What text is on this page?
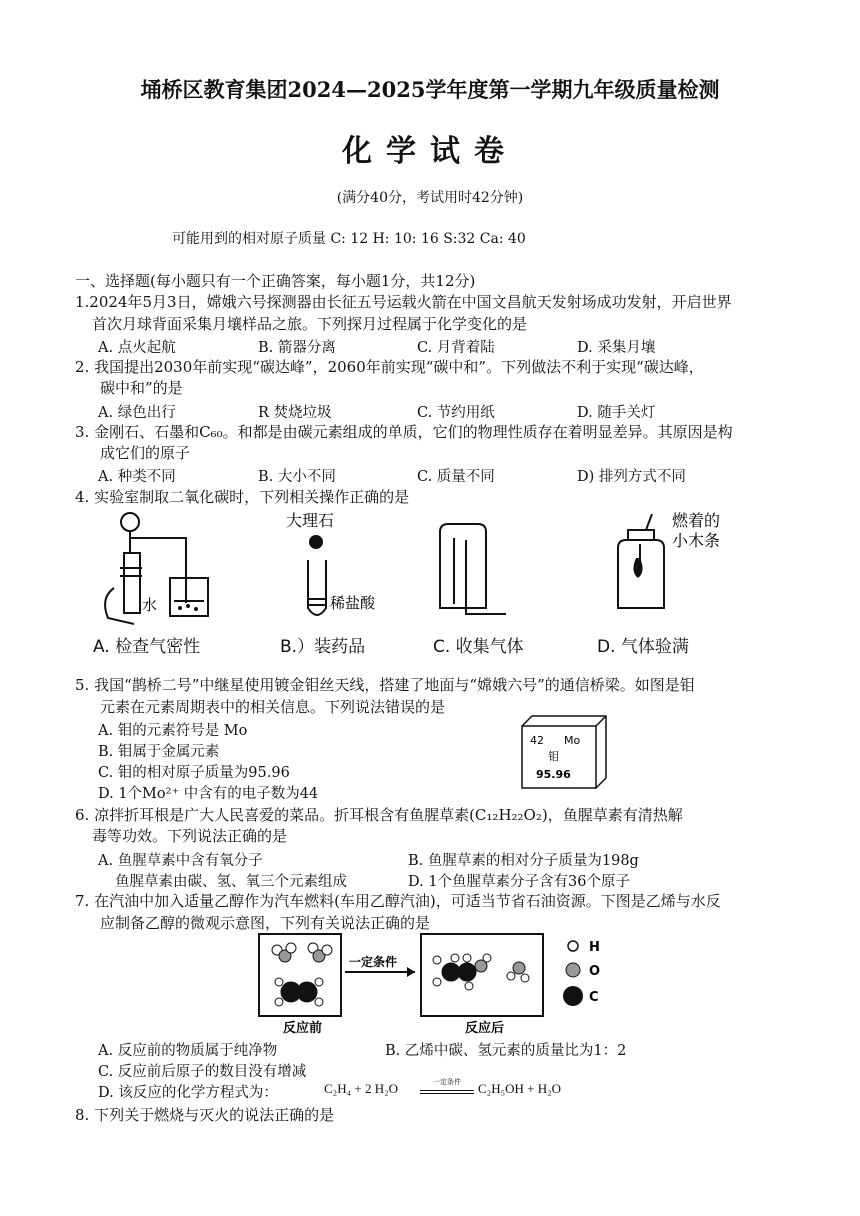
埇桥区教育集团2024—2025学年度第一学期九年级质量检测
化学试卷
(满分40分，考试用时42分钟)
可能用到的相对原子质量 C: 12 H: 10: 16 S:32 Ca: 40
一、选择题(每小题只有一个正确答案，每小题1分，共12分)
1.2024年5月3日，嫦娥六号探测器由长征五号运载火箭在中国文昌航天发射场成功发射，开启世界
首次月球背面采集月壤样品之旅。下列探月过程属于化学变化的是
A. 点火起航	B. 箭器分离	C. 月背着陆	D. 采集月壤
2. 我国提出2030年前实现“碳达峰”，2060年前实现“碳中和”。下列做法不利于实现“碳达峰，
碳中和”的是
A. 绿色出行	R 焚烧垃圾	C. 节约用纸	D. 随手关灯
3. 金刚石、石墨和C₆₀。和都是由碳元素组成的单质，它们的物理性质存在着明显差异。其原因是构
成它们的原子
A. 种类不同	B. 大小不同	C. 质量不同	D) 排列方式不同
4. 实验室制取二氧化碳时，下列相关操作正确的是
水
大理石
稀盐酸
燃着的
小木条
A. 检查气密性	B.）装药品	C. 收集气体	D. 气体验满
5. 我国“鹊桥二号”中继星使用镀金钼丝天线，搭建了地面与“嫦娥六号”的通信桥梁。如图是钼
元素在元素周期表中的相关信息。下列说法错误的是
A. 钼的元素符号是 Mo
B. 钼属于金属元素
C. 钼的相对原子质量为95.96
D. 1个Mo²⁺ 中含有的电子数为44
42 Mo
钼
95.96
6. 凉拌折耳根是广大人民喜爱的菜品。折耳根含有鱼腥草素(C₁₂H₂₂O₂)，鱼腥草素有清热解
毒等功效。下列说法正确的是
A. 鱼腥草素中含有氧分子	B. 鱼腥草素的相对分子质量为198g
鱼腥草素由碳、氢、氧三个元素组成	D. 1个鱼腥草素分子含有36个原子
7. 在汽油中加入适量乙醇作为汽车燃料(车用乙醇汽油)，可适当节省石油资源。下图是乙烯与水反
应制备乙醇的微观示意图，下列有关说法正确的是
一定条件
H
O
C
反应前	反应后
A. 反应前的物质属于纯净物	B. 乙烯中碳、氢元素的质量比为1：2
C. 反应前后原子的数目没有增减
D. 该反应的化学方程式为：	C₂H₄ + 2 H₂O	一定条件	C₂H₅OH + H₂O
8. 下列关于燃烧与灭火的说法正确的是
